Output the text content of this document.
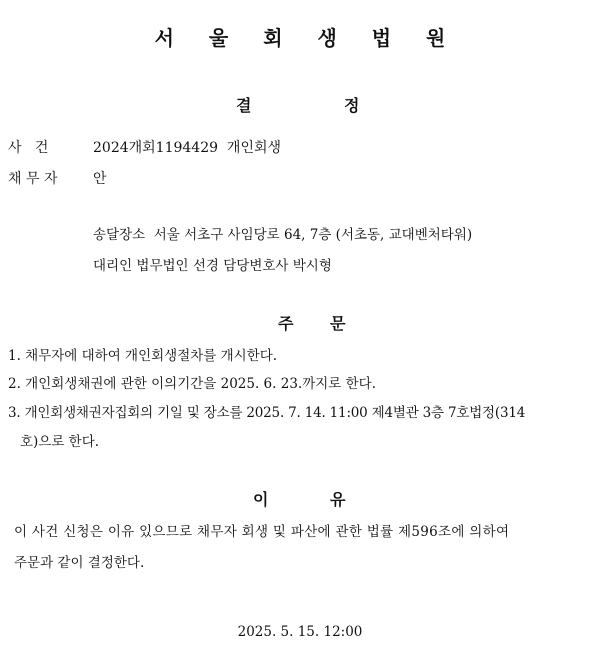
서 울 회 생 법 원
결	정
사   건	2024개회1194429  개인회생
채 무 자	안
송달장소  서울 서초구 사임당로 64, 7층 (서초동, 교대벤처타워)
대리인 법무법인 선경 담당변호사 박시형
주 문
1. 채무자에 대하여 개인회생절차를 개시한다.
2. 개인회생채권에 관한 이의기간을 2025. 6. 23.까지로 한다.
3. 개인회생채권자집회의 기일 및 장소를 2025. 7. 14. 11:00 제4별관 3층 7호법정(314
호)으로 한다.
이	유
이 사건 신청은 이유 있으므로 채무자 회생 및 파산에 관한 법률 제596조에 의하여
주문과 같이 결정한다.
2025. 5. 15. 12:00
